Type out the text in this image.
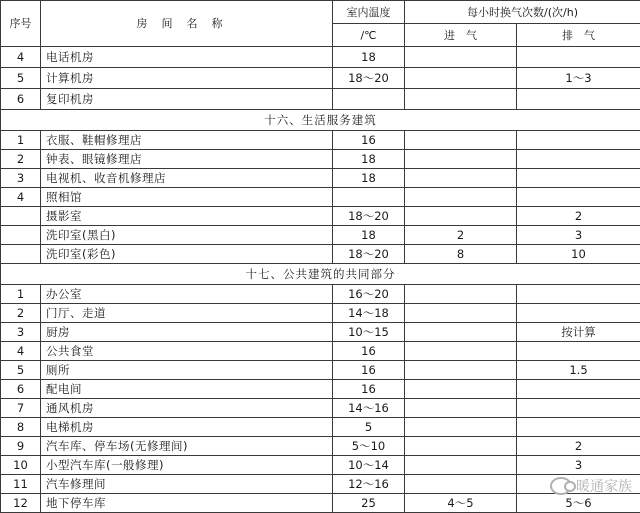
序号	房间名称	室内温度	每小时换气次数/(次/h)	
		/℃	进　气	排　气
4	电话机房	18		
5	计算机房	18～20		1～3
6	复印机房			
十六、生活服务建筑				
1	衣服、鞋帽修理店	16		
2	钟表、眼镜修理店	18		
3	电视机、收音机修理店	18		
4	照相馆			
	摄影室	18～20		2
	洗印室(黑白)	18	2	3
	洗印室(彩色)	18～20	8	10
十七、公共建筑的共同部分				
1	办公室	16～20		
2	门厅、走道	14～18		
3	厨房	10～15		按计算
4	公共食堂	16		
5	厕所	16		1.5
6	配电间	16		
7	通风机房	14～16		
8	电梯机房	5		
9	汽车库、停车场(无修理间)	5～10		2
10	小型汽车库(一般修理)	10～14		3
11	汽车修理间	12～16		
12	地下停车库	25	4～5	5～6
暖通家族
